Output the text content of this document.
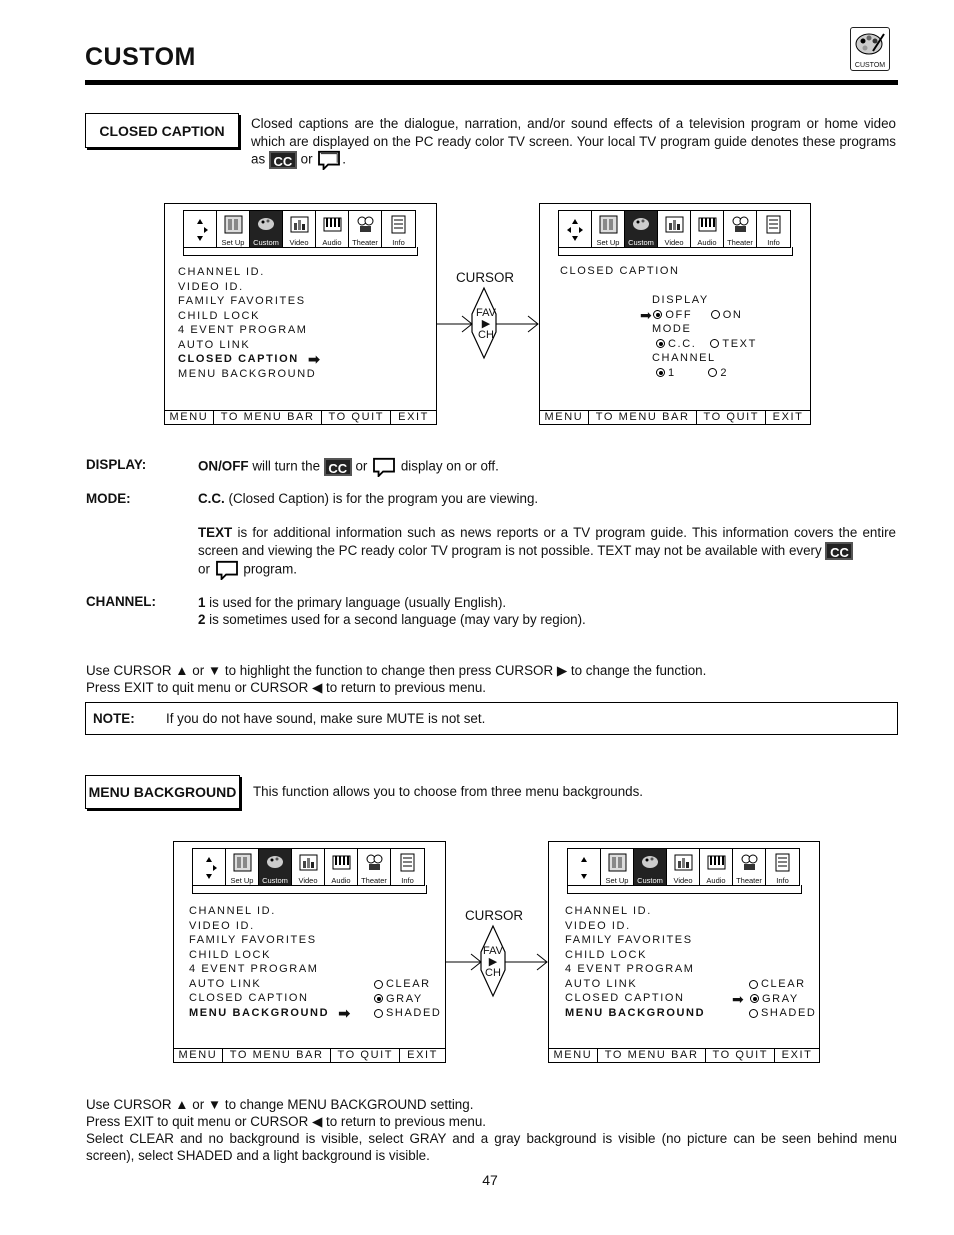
CUSTOM	CUSTOM
CLOSED CAPTION	Closed captions are the dialogue, narration, and/or sound effects of a television program or home video which are displayed on the PC ready color TV screen. Your local TV program guide denotes these programs as CC or .
Set Up	Custom	Video	Audio	Theater	Info
CHANNEL ID.
VIDEO ID.
FAMILY FAVORITES
CHILD LOCK
4 EVENT PROGRAM
AUTO LINK
CLOSED CAPTION ➡
MENU BACKGROUND
MENU	TO MENU BAR	TO QUIT	EXIT
CURSOR
FAV
▶
CH
Set Up	Custom	Video	Audio	Theater	Info
CLOSED CAPTION
DISPLAY
➡ OFF	ON
MODE
C.C. TEXT
CHANNEL
1	2
MENU	TO MENU BAR	TO QUIT	EXIT
DISPLAY:	ON/OFF will turn the CC or  display on or off.
MODE:	C.C. (Closed Caption) is for the program you are viewing.
TEXT is for additional information such as news reports or a TV program guide. This information covers the entire screen and viewing the PC ready color TV program is not possible. TEXT may not be available with every CC
or  program.
CHANNEL:	1 is used for the primary language (usually English).
2 is sometimes used for a second language (may vary by region).
Use CURSOR ▲ or ▼ to highlight the function to change then press CURSOR ▶ to change the function.
Press EXIT to quit menu or CURSOR ◀ to return to previous menu.
NOTE: If you do not have sound, make sure MUTE is not set.
MENU BACKGROUND This function allows you to choose from three menu backgrounds.
Set Up	Custom	Video	Audio	Theater	Info
CHANNEL ID.
VIDEO ID.
FAMILY FAVORITES
CHILD LOCK
4 EVENT PROGRAM
AUTO LINK
CLOSED CAPTION
MENU BACKGROUND ➡
CLEAR
GRAY
SHADED
MENU	TO MENU BAR	TO QUIT	EXIT
CURSOR
FAV
▶
CH
Set Up	Custom	Video	Audio	Theater	Info
CHANNEL ID.
VIDEO ID.
FAMILY FAVORITES
CHILD LOCK
4 EVENT PROGRAM
AUTO LINK
CLOSED CAPTION
MENU BACKGROUND
CLEAR
➡ GRAY
SHADED
MENU	TO MENU BAR	TO QUIT	EXIT
Use CURSOR ▲ or ▼ to change MENU BACKGROUND setting.
Press EXIT to quit menu or CURSOR ◀ to return to previous menu.
Select CLEAR and no background is visible, select GRAY and a gray background is visible (no picture can be seen behind menu screen), select SHADED and a light background is visible.
47
